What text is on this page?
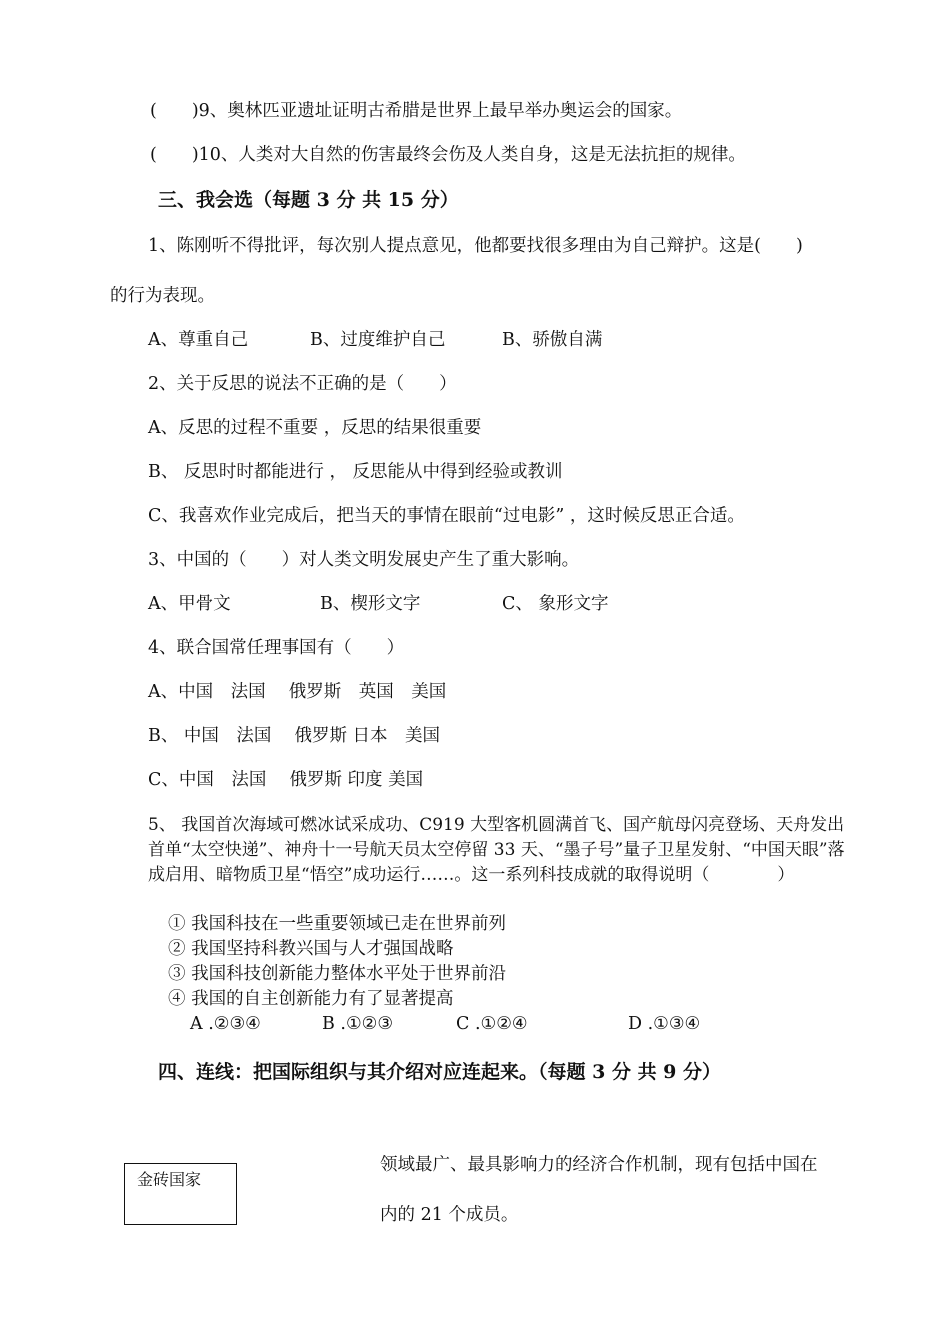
(　　)9、奥林匹亚遗址证明古希腊是世界上最早举办奥运会的国家。
(　　)10、人类对大自然的伤害最终会伤及人类自身，这是无法抗拒的规律。
三、我会选（每题 3 分 共 15 分）
1、陈刚听不得批评，每次别人提点意见，他都要找很多理由为自己辩护。这是(　　)
的行为表现。
A、尊重自己	B、过度维护自己	B、骄傲自满
2、关于反思的说法不正确的是（　　）
A、反思的过程不重要 ，反思的结果很重要
B、 反思时时都能进行 ， 反思能从中得到经验或教训
C、我喜欢作业完成后，把当天的事情在眼前“过电影” ，这时候反思正合适。
3、中国的（　　）对人类文明发展史产生了重大影响。
A、甲骨文	B、楔形文字	C、 象形文字
4、联合国常任理事国有（　　）
A、中国　法国　 俄罗斯　英国　美国
B、 中国　法国　 俄罗斯 日本　美国
C、中国　法国　 俄罗斯 印度 美国
5、 我国首次海域可燃冰试采成功、C919 大型客机圆满首飞、国产航母闪亮登场、天舟发出首单“太空快递”、神舟十一号航天员太空停留 33 天、“墨子号”量子卫星发射、“中国天眼”落成启用、暗物质卫星“悟空”成功运行……。这一系列科技成就的取得说明（　　　　）
① 我国科技在一些重要领域已走在世界前列
② 我国坚持科教兴国与人才强国战略
③ 我国科技创新能力整体水平处于世界前沿
④ 我国的自主创新能力有了显著提高
A .②③④	B .①②③	C .①②④	D .①③④
四、连线：把国际组织与其介绍对应连起来。（每题 3 分 共 9 分）
金砖国家
领域最广、最具影响力的经济合作机制，现有包括中国在
内的 21 个成员。
